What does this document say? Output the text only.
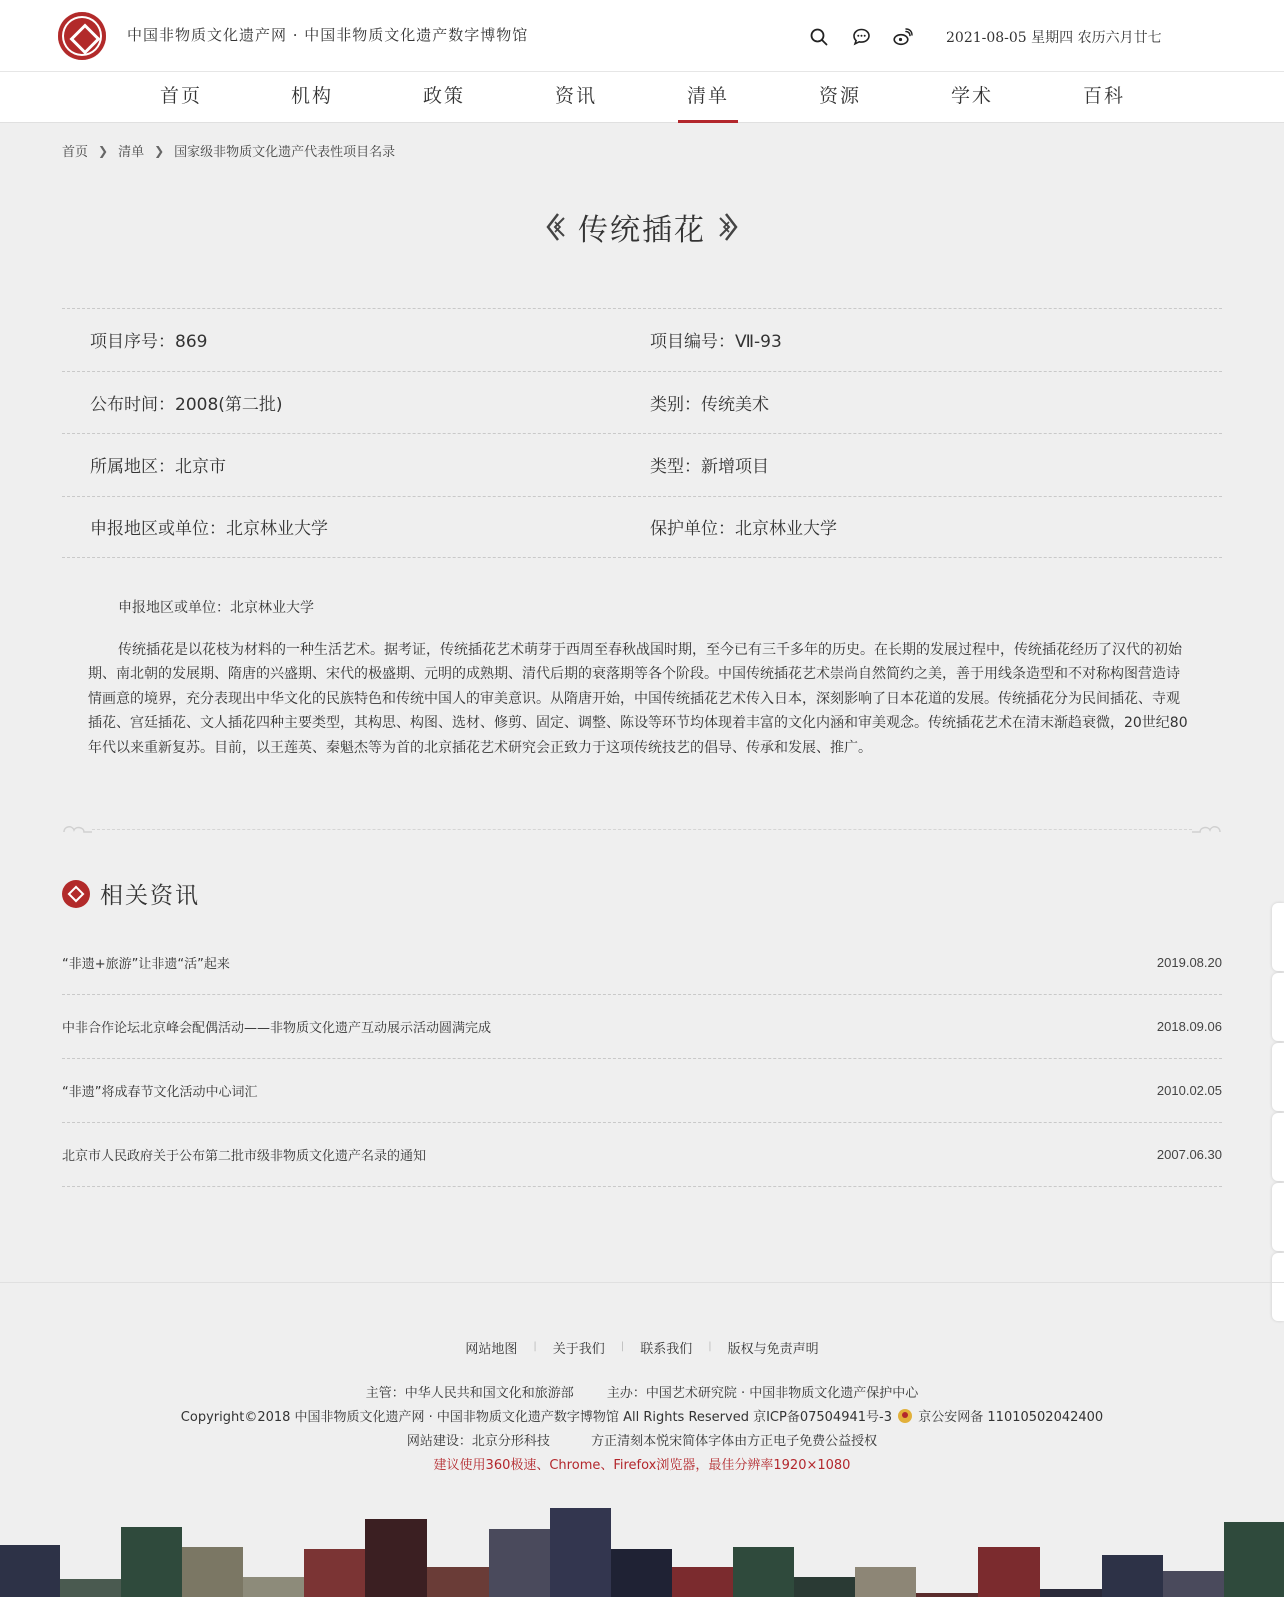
中国非物质文化遗产网 · 中国非物质文化遗产数字博物馆	2021-08-05 星期四 农历六月廿七
首页	机构	政策	资讯	清单	资源	学术	百科
首页 ❯ 清单 ❯ 国家级非物质文化遗产代表性项目名录
传统插花
项目序号：869	项目编号：Ⅶ-93
公布时间：2008(第二批)	类别：传统美术
所属地区：北京市	类型：新增项目
申报地区或单位：北京林业大学	保护单位：北京林业大学

申报地区或单位：北京林业大学

传统插花是以花枝为材料的一种生活艺术。据考证，传统插花艺术萌芽于西周至春秋战国时期，至今已有三千多年的历史。在长期的发展过程中，传统插花经历了汉代的初始期、南北朝的发展期、隋唐的兴盛期、宋代的极盛期、元明的成熟期、清代后期的衰落期等各个阶段。中国传统插花艺术崇尚自然简约之美，善于用线条造型和不对称构图营造诗情画意的境界，充分表现出中华文化的民族特色和传统中国人的审美意识。从隋唐开始，中国传统插花艺术传入日本，深刻影响了日本花道的发展。传统插花分为民间插花、寺观插花、宫廷插花、文人插花四种主要类型，其构思、构图、选材、修剪、固定、调整、陈设等环节均体现着丰富的文化内涵和审美观念。传统插花艺术在清末渐趋衰微，20世纪80年代以来重新复苏。目前，以王莲英、秦魁杰等为首的北京插花艺术研究会正致力于这项传统技艺的倡导、传承和发展、推广。

相关资讯
“非遗+旅游”让非遗“活”起来	2019.08.20
中非合作论坛北京峰会配偶活动——非物质文化遗产互动展示活动圆满完成	2018.09.06
“非遗”将成春节文化活动中心词汇	2010.02.05
北京市人民政府关于公布第二批市级非物质文化遗产名录的通知	2007.06.30
网站地图	|	关于我们	|	联系我们	|	版权与免责声明
主管：中华人民共和国文化和旅游部        主办：中国艺术研究院 · 中国非物质文化遗产保护中心
Copyright©2018 中国非物质文化遗产网 · 中国非物质文化遗产数字博物馆 All Rights Reserved 京ICP备07504941号-3 京公安网备 11010502042400
网站建设：北京分形科技          方正清刻本悦宋简体字体由方正电子免费公益授权
建议使用360极速、Chrome、Firefox浏览器，最佳分辨率1920×1080
